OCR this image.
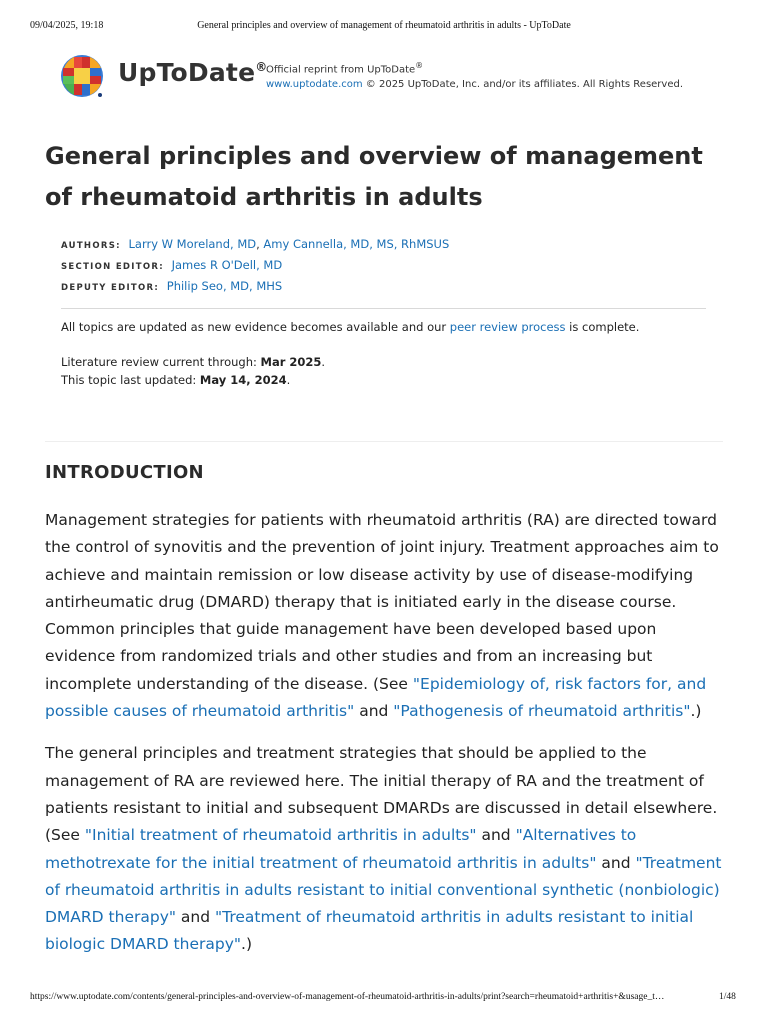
09/04/2025, 19:18	General principles and overview of management of rheumatoid arthritis in adults - UpToDate
UpToDate®
Official reprint from UpToDate®
www.uptodate.com © 2025 UpToDate, Inc. and/or its affiliates. All Rights Reserved.
General principles and overview of management of rheumatoid arthritis in adults
AUTHORS: Larry W Moreland, MD, Amy Cannella, MD, MS, RhMSUS
SECTION EDITOR: James R O'Dell, MD
DEPUTY EDITOR: Philip Seo, MD, MHS

All topics are updated as new evidence becomes available and our peer review process is complete.

Literature review current through: Mar 2025.

This topic last updated: May 14, 2024.

INTRODUCTION

Management strategies for patients with rheumatoid arthritis (RA) are directed toward the control of synovitis and the prevention of joint injury. Treatment approaches aim to achieve and maintain remission or low disease activity by use of disease-modifying antirheumatic drug (DMARD) therapy that is initiated early in the disease course. Common principles that guide management have been developed based upon evidence from randomized trials and other studies and from an increasing but incomplete understanding of the disease. (See "Epidemiology of, risk factors for, and possible causes of rheumatoid arthritis" and "Pathogenesis of rheumatoid arthritis".)

The general principles and treatment strategies that should be applied to the management of RA are reviewed here. The initial therapy of RA and the treatment of patients resistant to initial and subsequent DMARDs are discussed in detail elsewhere. (See "Initial treatment of rheumatoid arthritis in adults" and "Alternatives to methotrexate for the initial treatment of rheumatoid arthritis in adults" and "Treatment of rheumatoid arthritis in adults resistant to initial conventional synthetic (nonbiologic) DMARD therapy" and "Treatment of rheumatoid arthritis in adults resistant to initial biologic DMARD therapy".)

https://www.uptodate.com/contents/general-principles-and-overview-of-management-of-rheumatoid-arthritis-in-adults/print?search=rheumatoid+arthritis+&usage_t…	1/48
